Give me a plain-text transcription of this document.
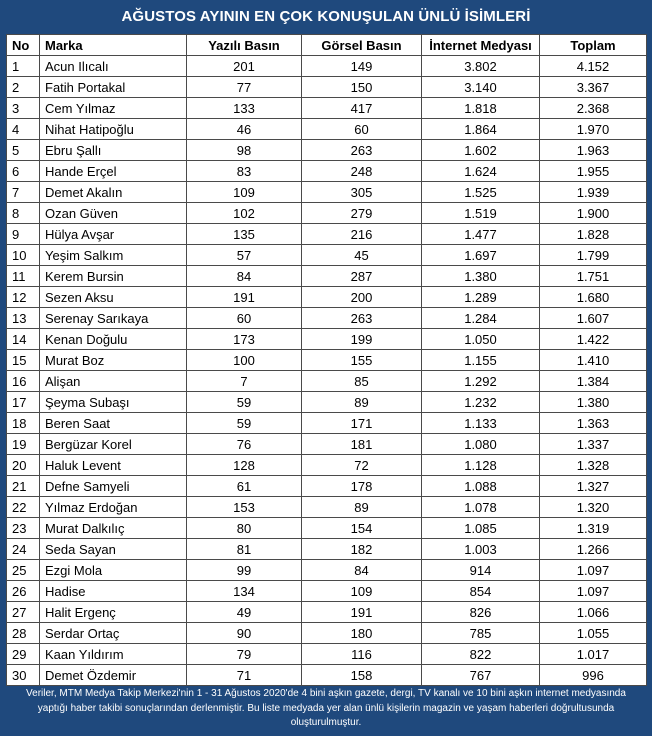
AĞUSTOS AYININ EN ÇOK KONUŞULAN ÜNLÜ İSİMLERİ
No	Marka	Yazılı Basın	Görsel Basın	İnternet Medyası	Toplam
1	Acun Ilıcalı	201	149	3.802	4.152
2	Fatih Portakal	77	150	3.140	3.367
3	Cem Yılmaz	133	417	1.818	2.368
4	Nihat Hatipoğlu	46	60	1.864	1.970
5	Ebru Şallı	98	263	1.602	1.963
6	Hande Erçel	83	248	1.624	1.955
7	Demet Akalın	109	305	1.525	1.939
8	Ozan Güven	102	279	1.519	1.900
9	Hülya Avşar	135	216	1.477	1.828
10	Yeşim Salkım	57	45	1.697	1.799
11	Kerem Bursin	84	287	1.380	1.751
12	Sezen Aksu	191	200	1.289	1.680
13	Serenay Sarıkaya	60	263	1.284	1.607
14	Kenan Doğulu	173	199	1.050	1.422
15	Murat Boz	100	155	1.155	1.410
16	Alişan	7	85	1.292	1.384
17	Şeyma Subaşı	59	89	1.232	1.380
18	Beren Saat	59	171	1.133	1.363
19	Bergüzar Korel	76	181	1.080	1.337
20	Haluk Levent	128	72	1.128	1.328
21	Defne Samyeli	61	178	1.088	1.327
22	Yılmaz Erdoğan	153	89	1.078	1.320
23	Murat Dalkılıç	80	154	1.085	1.319
24	Seda Sayan	81	182	1.003	1.266
25	Ezgi Mola	99	84	914	1.097
26	Hadise	134	109	854	1.097
27	Halit Ergenç	49	191	826	1.066
28	Serdar Ortaç	90	180	785	1.055
29	Kaan Yıldırım	79	116	822	1.017
30	Demet Özdemir	71	158	767	996
Veriler, MTM Medya Takip Merkezi'nin 1 - 31 Ağustos 2020'de 4 bini aşkın gazete, dergi, TV kanalı ve 10 bini aşkın internet medyasında
yaptığı haber takibi sonuçlarından derlenmiştir. Bu liste medyada yer alan ünlü kişilerin magazin ve yaşam haberleri doğrultusunda
oluşturulmuştur.
